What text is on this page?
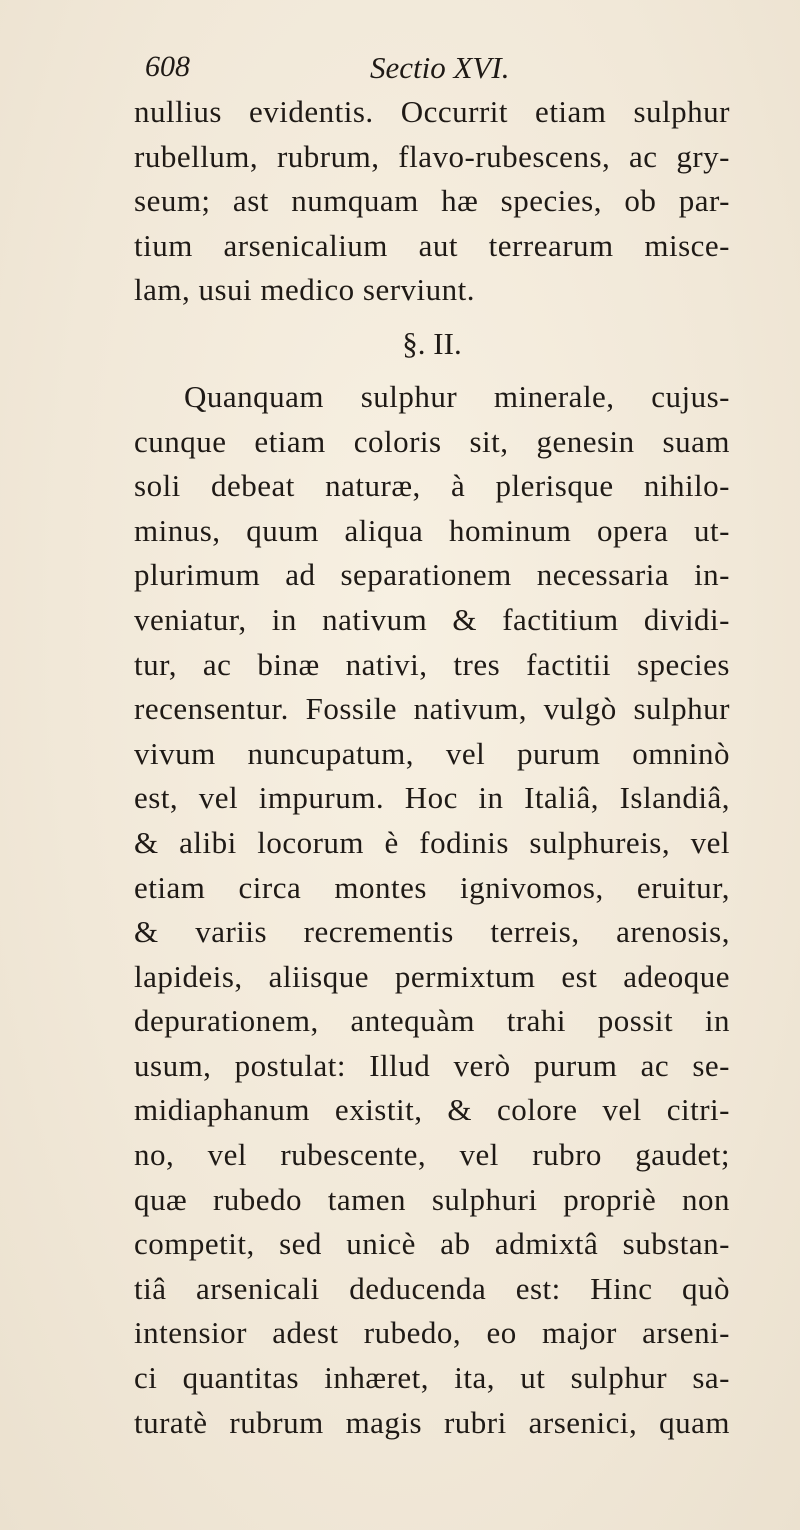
608	Sectio XVI.
nullius evidentis. Occurrit etiam sulphur
rubellum, rubrum, flavo-rubescens, ac gry-
seum; ast numquam hæ species, ob par-
tium arsenicalium aut terrearum misce-
lam, usui medico serviunt.
§. II.
Quanquam sulphur minerale, cujus-
cunque etiam coloris sit, genesin suam
soli debeat naturæ, à plerisque nihilo-
minus, quum aliqua hominum opera ut-
plurimum ad separationem necessaria in-
veniatur, in nativum & factitium dividi-
tur, ac binæ nativi, tres factitii species
recensentur. Fossile nativum, vulgò sulphur
vivum nuncupatum, vel purum omninò
est, vel impurum. Hoc in Italiâ, Islandiâ,
& alibi locorum è fodinis sulphureis, vel
etiam circa montes ignivomos, eruitur,
& variis recrementis terreis, arenosis,
lapideis, aliisque permixtum est adeoque
depurationem, antequàm trahi possit in
usum, postulat: Illud verò purum ac se-
midiaphanum existit, & colore vel citri-
no, vel rubescente, vel rubro gaudet;
quæ rubedo tamen sulphuri propriè non
competit, sed unicè ab admixtâ substan-
tiâ arsenicali deducenda est: Hinc quò
intensior adest rubedo, eo major arseni-
ci quantitas inhæret, ita, ut sulphur sa-
turatè rubrum magis rubri arsenici, quam
